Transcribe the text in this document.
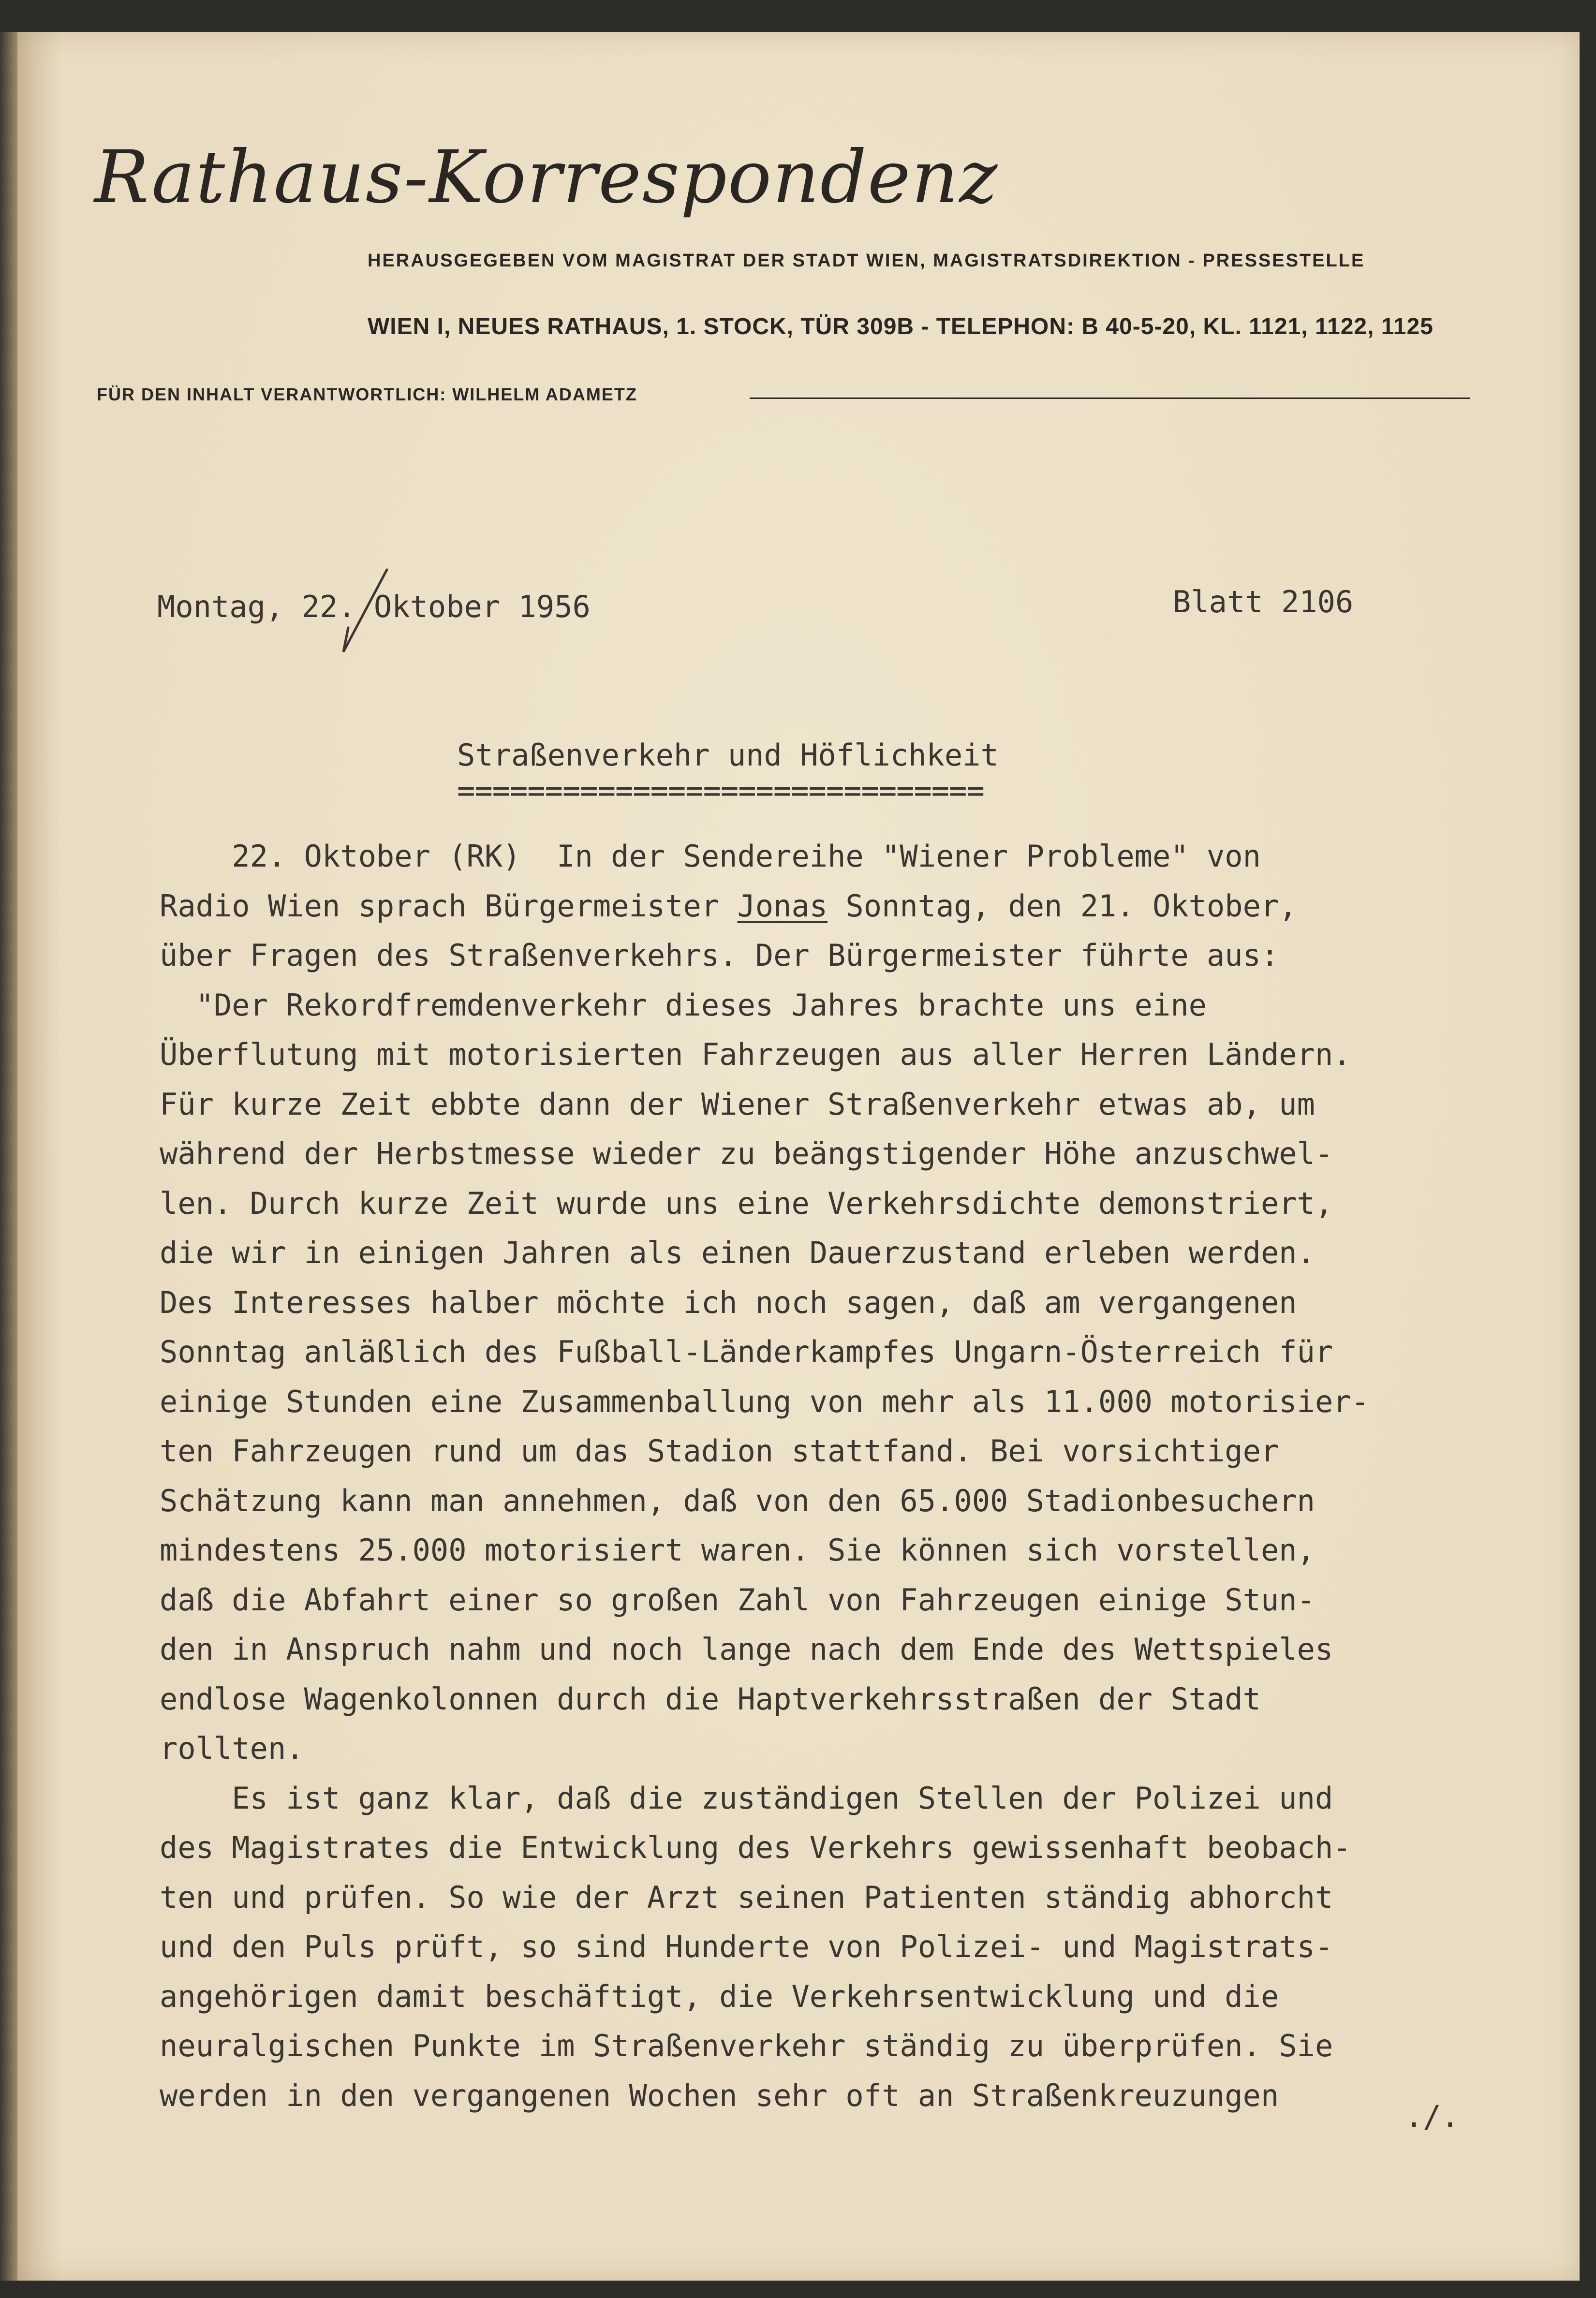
Rathaus-Korrespondenz
HERAUSGEGEBEN VOM MAGISTRAT DER STADT WIEN, MAGISTRATSDIREKTION - PRESSESTELLE
WIEN I, NEUES RATHAUS, 1. STOCK, TÜR 309B - TELEPHON: B 40-5-20, KL. 1121, 1122, 1125
FÜR DEN INHALT VERANTWORTLICH: WILHELM ADAMETZ
Montag, 22. Oktober 1956	Blatt 2106
Straßenverkehr und Höflichkeit
==============================
22. Oktober (RK)  In der Sendereihe "Wiener Probleme" von
Radio Wien sprach Bürgermeister Jonas Sonntag, den 21. Oktober,
über Fragen des Straßenverkehrs. Der Bürgermeister führte aus:
"Der Rekordfremdenverkehr dieses Jahres brachte uns eine
Überflutung mit motorisierten Fahrzeugen aus aller Herren Ländern.
Für kurze Zeit ebbte dann der Wiener Straßenverkehr etwas ab, um
während der Herbstmesse wieder zu beängstigender Höhe anzuschwel-
len. Durch kurze Zeit wurde uns eine Verkehrsdichte demonstriert,
die wir in einigen Jahren als einen Dauerzustand erleben werden.
Des Interesses halber möchte ich noch sagen, daß am vergangenen
Sonntag anläßlich des Fußball-Länderkampfes Ungarn-Österreich für
einige Stunden eine Zusammenballung von mehr als 11.000 motorisier-
ten Fahrzeugen rund um das Stadion stattfand. Bei vorsichtiger
Schätzung kann man annehmen, daß von den 65.000 Stadionbesuchern
mindestens 25.000 motorisiert waren. Sie können sich vorstellen,
daß die Abfahrt einer so großen Zahl von Fahrzeugen einige Stun-
den in Anspruch nahm und noch lange nach dem Ende des Wettspieles
endlose Wagenkolonnen durch die Haptverkehrsstraßen der Stadt
rollten.
Es ist ganz klar, daß die zuständigen Stellen der Polizei und
des Magistrates die Entwicklung des Verkehrs gewissenhaft beobach-
ten und prüfen. So wie der Arzt seinen Patienten ständig abhorcht
und den Puls prüft, so sind Hunderte von Polizei- und Magistrats-
angehörigen damit beschäftigt, die Verkehrsentwicklung und die
neuralgischen Punkte im Straßenverkehr ständig zu überprüfen. Sie
werden in den vergangenen Wochen sehr oft an Straßenkreuzungen
./.
